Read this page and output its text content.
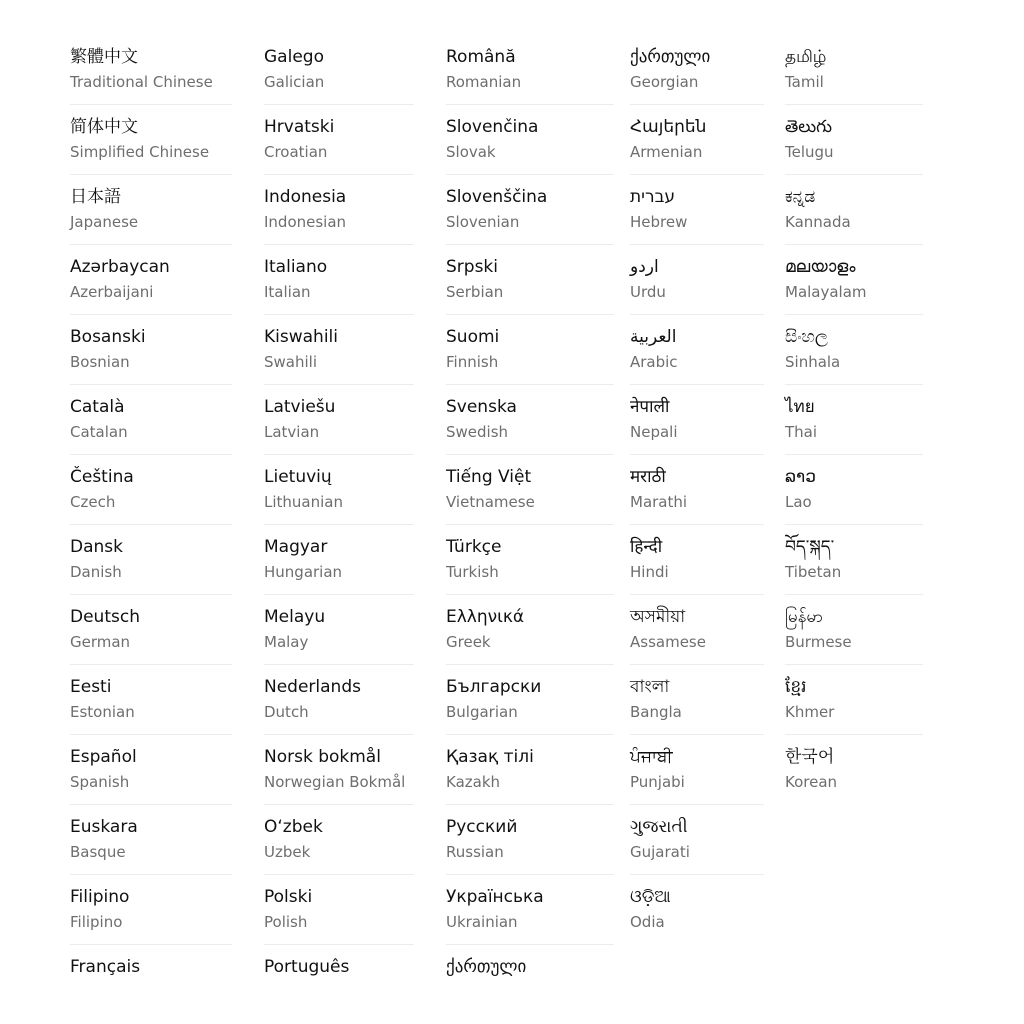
繁體中文
Traditional Chinese
简体中文
Simplified Chinese
日本語
Japanese
Azərbaycan
Azerbaijani
Bosanski
Bosnian
Català
Catalan
Čeština
Czech
Dansk
Danish
Deutsch
German
Eesti
Estonian
Español
Spanish
Euskara
Basque
Filipino
Filipino
Français
Galego
Galician
Hrvatski
Croatian
Indonesia
Indonesian
Italiano
Italian
Kiswahili
Swahili
Latviešu
Latvian
Lietuvių
Lithuanian
Magyar
Hungarian
Melayu
Malay
Nederlands
Dutch
Norsk bokmål
Norwegian Bokmål
O‘zbek
Uzbek
Polski
Polish
Português
Română
Romanian
Slovenčina
Slovak
Slovenščina
Slovenian
Srpski
Serbian
Suomi
Finnish
Svenska
Swedish
Tiếng Việt
Vietnamese
Türkçe
Turkish
Ελληνικά
Greek
Български
Bulgarian
Қазақ тілі
Kazakh
Русский
Russian
Українська
Ukrainian
ქართული
ქართული
Georgian
Հայերեն
Armenian
עברית
Hebrew
اردو
Urdu
العربية
Arabic
नेपाली
Nepali
मराठी
Marathi
हिन्दी
Hindi
অসমীয়া
Assamese
বাংলা
Bangla
ਪੰਜਾਬੀ
Punjabi
ગુજરાતી
Gujarati
ଓଡ଼ିଆ
Odia
தமிழ்
Tamil
తెలుగు
Telugu
ಕನ್ನಡ
Kannada
മലയാളം
Malayalam
සිංහල
Sinhala
ไทย
Thai
ລາວ
Lao
བོད་སྐད་
Tibetan
မြန်မာ
Burmese
ខ្មែរ
Khmer
한국어
Korean
